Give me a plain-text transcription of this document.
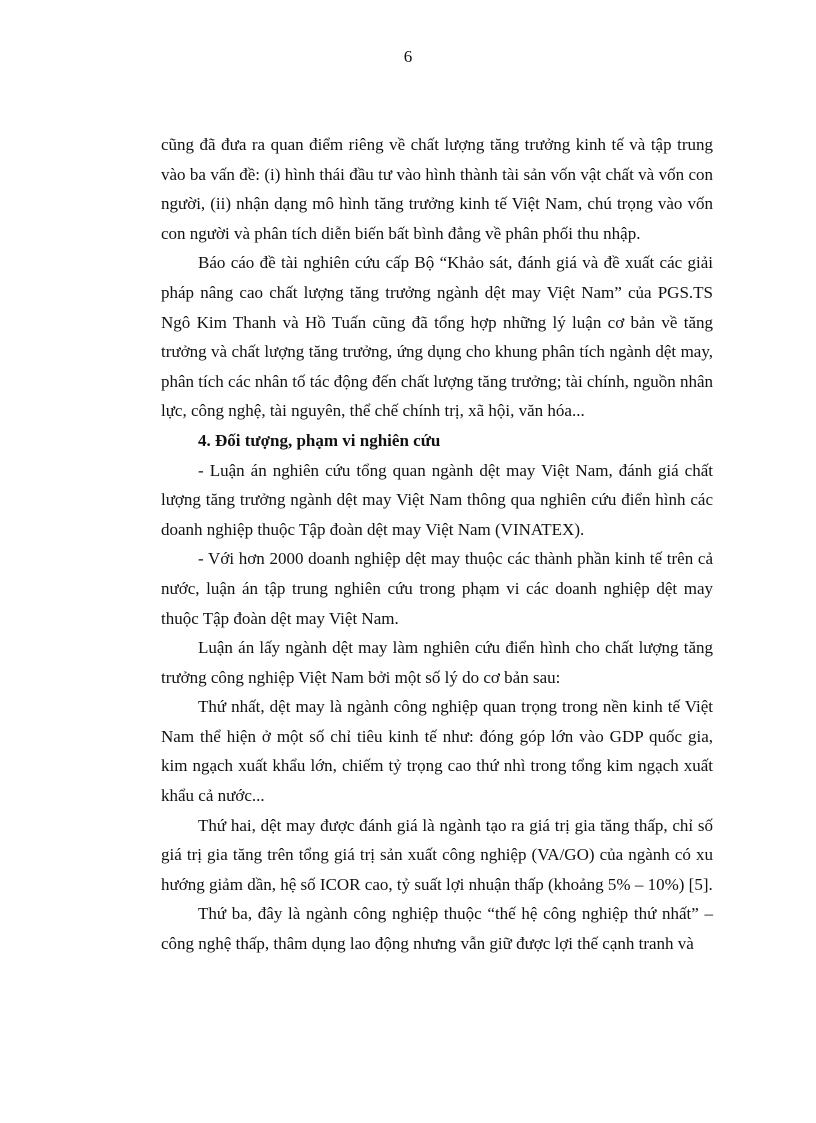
6

cũng đã đưa ra quan điểm riêng về chất lượng tăng trưởng kinh tế và tập trung vào ba vấn đề: (i) hình thái đầu tư vào hình thành tài sản vốn vật chất và vốn con người, (ii) nhận dạng mô hình tăng trưởng kinh tế Việt Nam, chú trọng vào vốn con người và phân tích diễn biến bất bình đẳng về phân phối thu nhập.

Báo cáo đề tài nghiên cứu cấp Bộ “Khảo sát, đánh giá và đề xuất các giải pháp nâng cao chất lượng tăng trưởng ngành dệt may Việt Nam” của PGS.TS Ngô Kim Thanh và Hồ Tuấn cũng đã tổng hợp những lý luận cơ bản về tăng trưởng và chất lượng tăng trưởng, ứng dụng cho khung phân tích ngành dệt may, phân tích các nhân tố tác động đến chất lượng tăng trưởng; tài chính, nguồn nhân lực, công nghệ, tài nguyên, thể chế chính trị, xã hội, văn hóa...

4. Đối tượng, phạm vi nghiên cứu

- Luận án nghiên cứu tổng quan ngành dệt may Việt Nam, đánh giá chất lượng tăng trưởng ngành dệt may Việt Nam thông qua nghiên cứu điển hình các doanh nghiệp thuộc Tập đoàn dệt may Việt Nam (VINATEX).

- Với hơn 2000 doanh nghiệp dệt may thuộc các thành phần kinh tế trên cả nước, luận án tập trung nghiên cứu trong phạm vi các doanh nghiệp dệt may thuộc Tập đoàn dệt may Việt Nam.

Luận án lấy ngành dệt may làm nghiên cứu điển hình cho chất lượng tăng trưởng công nghiệp Việt Nam bởi một số lý do cơ bản sau:

Thứ nhất, dệt may là ngành công nghiệp quan trọng trong nền kinh tế Việt Nam thể hiện ở một số chỉ tiêu kinh tế như: đóng góp lớn vào GDP quốc gia, kim ngạch xuất khẩu lớn, chiếm tỷ trọng cao thứ nhì trong tổng kim ngạch xuất khẩu cả nước...

Thứ hai, dệt may được đánh giá là ngành tạo ra giá trị gia tăng thấp, chỉ số giá trị gia tăng trên tổng giá trị sản xuất công nghiệp (VA/GO) của ngành có xu hướng giảm dần, hệ số ICOR cao, tỷ suất lợi nhuận thấp (khoảng 5% – 10%) [5].

Thứ ba, đây là ngành công nghiệp thuộc “thế hệ công nghiệp thứ nhất” – công nghệ thấp, thâm dụng lao động nhưng vẫn giữ được lợi thế cạnh tranh và
